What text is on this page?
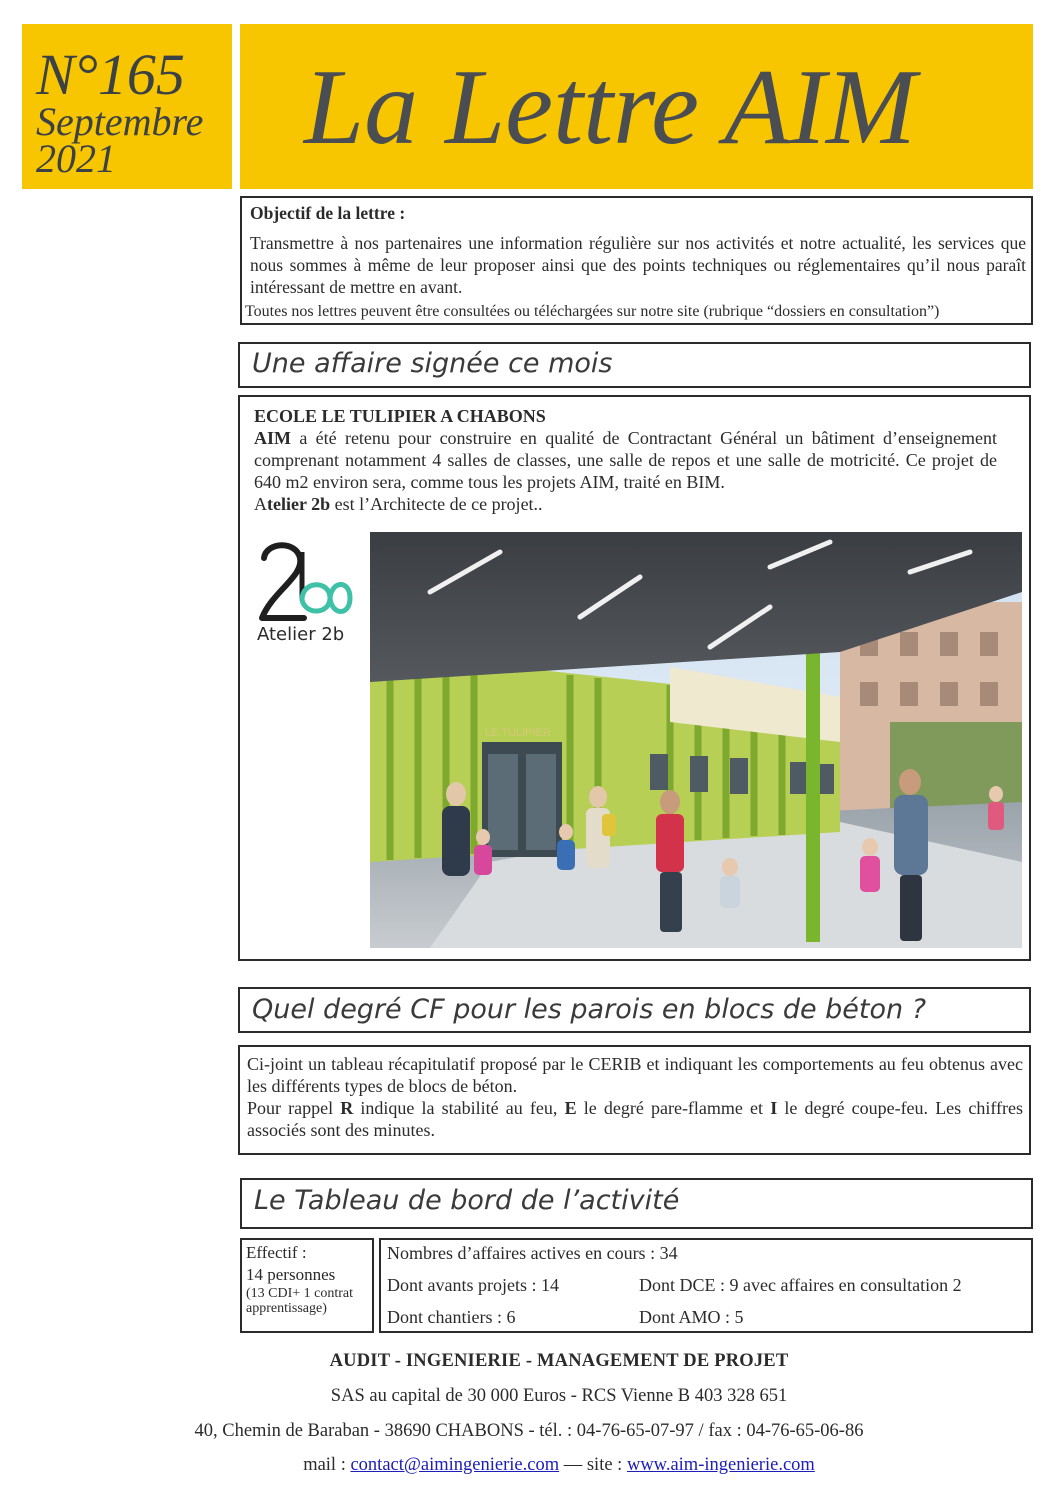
N°165
Septembre
2021 La Lettre AIM
Objectif de la lettre :
Transmettre à nos partenaires une information régulière sur nos activités et notre actualité, les services que nous sommes à même de leur proposer ainsi que des points techniques ou réglementaires qu’il nous paraît intéressant de mettre en avant.
Toutes nos lettres peuvent être consultées ou téléchargées sur notre site (rubrique “dossiers en consultation”)
Une affaire signée ce mois
ECOLE LE TULIPIER A CHABONS
AIM a été retenu pour construire en qualité de Contractant Général un bâtiment d’enseignement comprenant notamment 4 salles de classes, une salle de repos et une salle de motricité. Ce projet de 640 m2 environ sera, comme tous les projets AIM, traité en BIM.
Atelier 2b est l’Architecte de ce projet..
Atelier 2b
LE TULIPIER
Quel degré CF pour les parois en blocs de béton ?
Ci-joint un tableau récapitulatif proposé par le CERIB et indiquant les comportements au feu obtenus avec les différents types de blocs de béton.
Pour rappel R indique la stabilité au feu, E le degré pare-flamme et I le degré coupe-feu. Les chiffres associés sont des minutes.
Le Tableau de bord de l’activité
Effectif :
14 personnes
(13 CDI+ 1 contrat apprentissage)
Nombres d’affaires actives en cours : 34
Dont avants projets : 14	Dont DCE : 9 avec affaires en consultation 2
Dont chantiers : 6	Dont AMO : 5
AUDIT - INGENIERIE - MANAGEMENT DE PROJET
SAS au capital de 30 000 Euros - RCS Vienne B 403 328 651
40, Chemin de Baraban - 38690 CHABONS - tél. : 04-76-65-07-97 / fax : 04-76-65-06-86
mail : contact@aimingenierie.com — site : www.aim-ingenierie.com
